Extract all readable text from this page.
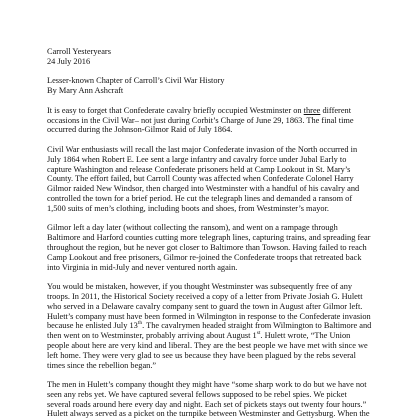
Carroll Yesteryears

24 July 2016

Lesser-known Chapter of Carroll’s Civil War History

By Mary Ann Ashcraft

It is easy to forget that Confederate cavalry briefly occupied Westminster on three different occasions in the Civil War– not just during Corbit’s Charge of June 29, 1863. The final time occurred during the Johnson-Gilmor Raid of July 1864.

Civil War enthusiasts will recall the last major Confederate invasion of the North occurred in July 1864 when Robert E. Lee sent a large infantry and cavalry force under Jubal Early to capture Washington and release Confederate prisoners held at Camp Lookout in St. Mary’s County. The effort failed, but Carroll County was affected when Confederate Colonel Harry Gilmor raided New Windsor, then charged into Westminster with a handful of his cavalry and controlled the town for a brief period. He cut the telegraph lines and demanded a ransom of 1,500 suits of men’s clothing, including boots and shoes, from Westminster’s mayor.

Gilmor left a day later (without collecting the ransom), and went on a rampage through Baltimore and Harford counties cutting more telegraph lines, capturing trains, and spreading fear throughout the region, but he never got closer to Baltimore than Towson. Having failed to reach Camp Lookout and free prisoners, Gilmor re-joined the Confederate troops that retreated back into Virginia in mid-July and never ventured north again.

You would be mistaken, however, if you thought Westminster was subsequently free of any troops. In 2011, the Historical Society received a copy of a letter from Private Josiah G. Hulett who served in a Delaware cavalry company sent to guard the town in August after Gilmor left. Hulett’s company must have been formed in Wilmington in response to the Confederate invasion because he enlisted July 13th. The cavalrymen headed straight from Wilmington to Baltimore and then went on to Westminster, probably arriving about August 1st. Hulett wrote, “The Union people about here are very kind and liberal. They are the best people we have met with since we left home. They were very glad to see us because they have been plagued by the rebs several times since the rebellion began.”

The men in Hulett’s company thought they might have “some sharp work to do but we have not seen any rebs yet. We have captured several fellows supposed to be rebel spies. We picket several roads around here every day and night. Each set of pickets stays out twenty four hours.” Hulett always served as a picket on the turnpike between Westminster and Gettysburg. When the
